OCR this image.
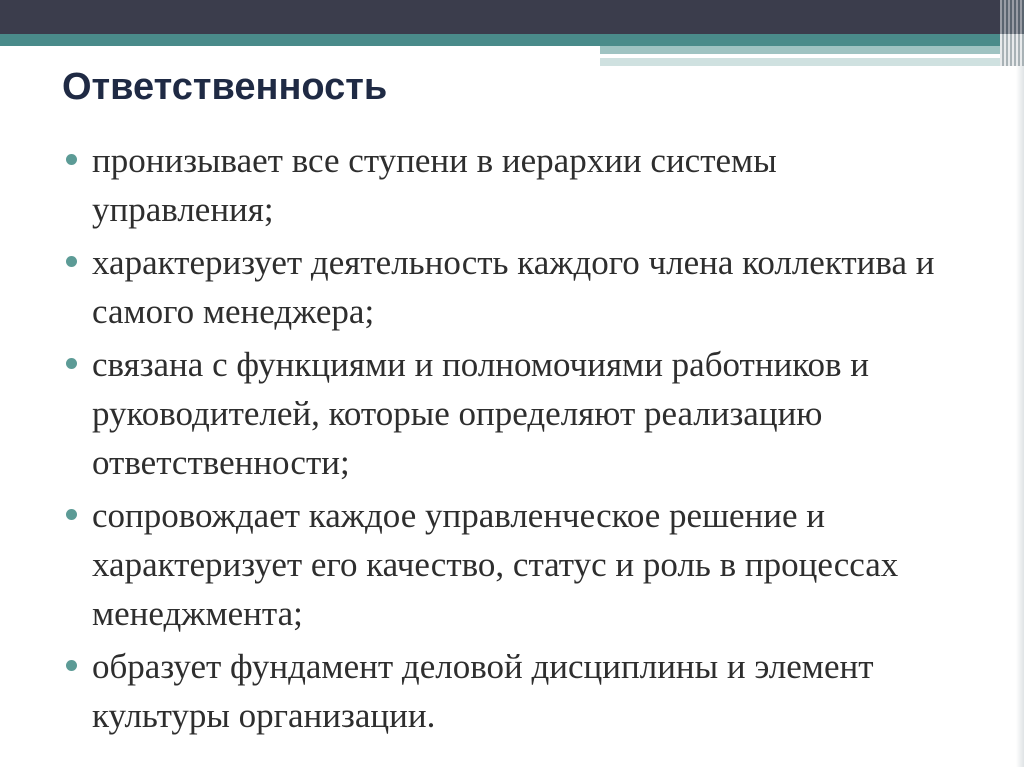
Ответственность
пронизывает все ступени в иерархии системы управления;
характеризует деятельность каждого члена коллектива и самого менеджера;
связана с функциями и полномочиями работников и руководителей, которые определяют реализацию ответственности;
сопровождает каждое управленческое решение и характеризует его качество, статус и роль в процессах менеджмента;
образует фундамент деловой дисциплины и элемент культуры организации.
